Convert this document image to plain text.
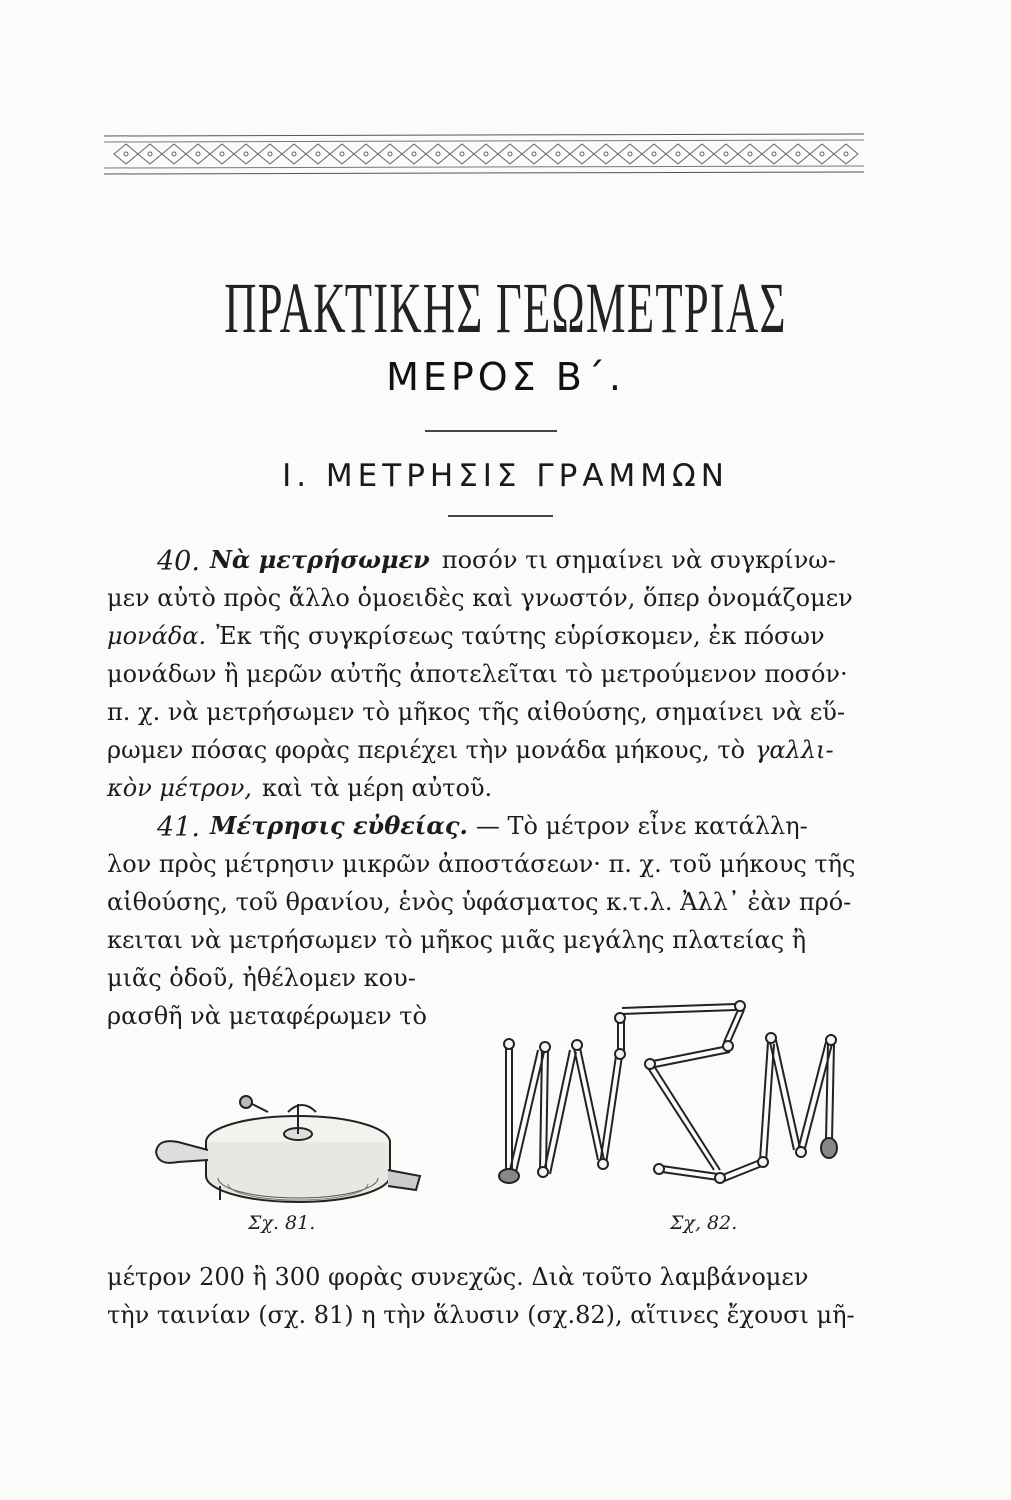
ΠΡΑΚΤΙΚΗΣ ΓΕΩΜΕΤΡΙΑΣ
ΜΕΡΟΣ Β΄.
Ι. ΜΕΤΡΗΣΙΣ ΓΡΑΜΜΩΝ
40. Νὰ μετρήσωμεν ποσόν τι σημαίνει νὰ συγκρίνω-
μεν αὐτὸ πρὸς ἄλλο ὁμοειδὲς καὶ γνωστόν, ὅπερ ὀνομάζομεν
μονάδα. Ἐκ τῆς συγκρίσεως ταύτης εὑρίσκομεν, ἐκ πόσων
μονάδων ἢ μερῶν αὐτῆς ἀποτελεῖται τὸ μετρούμενον ποσόν·
π. χ. νὰ μετρήσωμεν τὸ μῆκος τῆς αἰθούσης, σημαίνει νὰ εὕ-
ρωμεν πόσας φορὰς περιέχει τὴν μονάδα μήκους, τὸ γαλλι-
κὸν μέτρον, καὶ τὰ μέρη αὐτοῦ.
41. Μέτρησις εὐθείας. — Τὸ μέτρον εἶνε κατάλλη-
λον πρὸς μέτρησιν μικρῶν ἀποστάσεων· π. χ. τοῦ μήκους τῆς
αἰθούσης, τοῦ θρανίου, ἑνὸς ὑφάσματος κ.τ.λ. Ἀλλ᾽ ἐὰν πρό-
κειται νὰ μετρήσωμεν τὸ μῆκος μιᾶς μεγάλης πλατείας ἢ
μιᾶς ὁδοῦ, ἠθέλομεν κου-
ρασθῆ νὰ μεταφέρωμεν τὸ
Σχ. 81.	Σχ, 82.
μέτρον 200 ἢ 300 φορὰς συνεχῶς. Διὰ τοῦτο λαμβάνομεν
τὴν ταινίαν (σχ. 81) η τὴν ἅλυσιν (σχ.82), αἵτινες ἔχουσι μῆ-
